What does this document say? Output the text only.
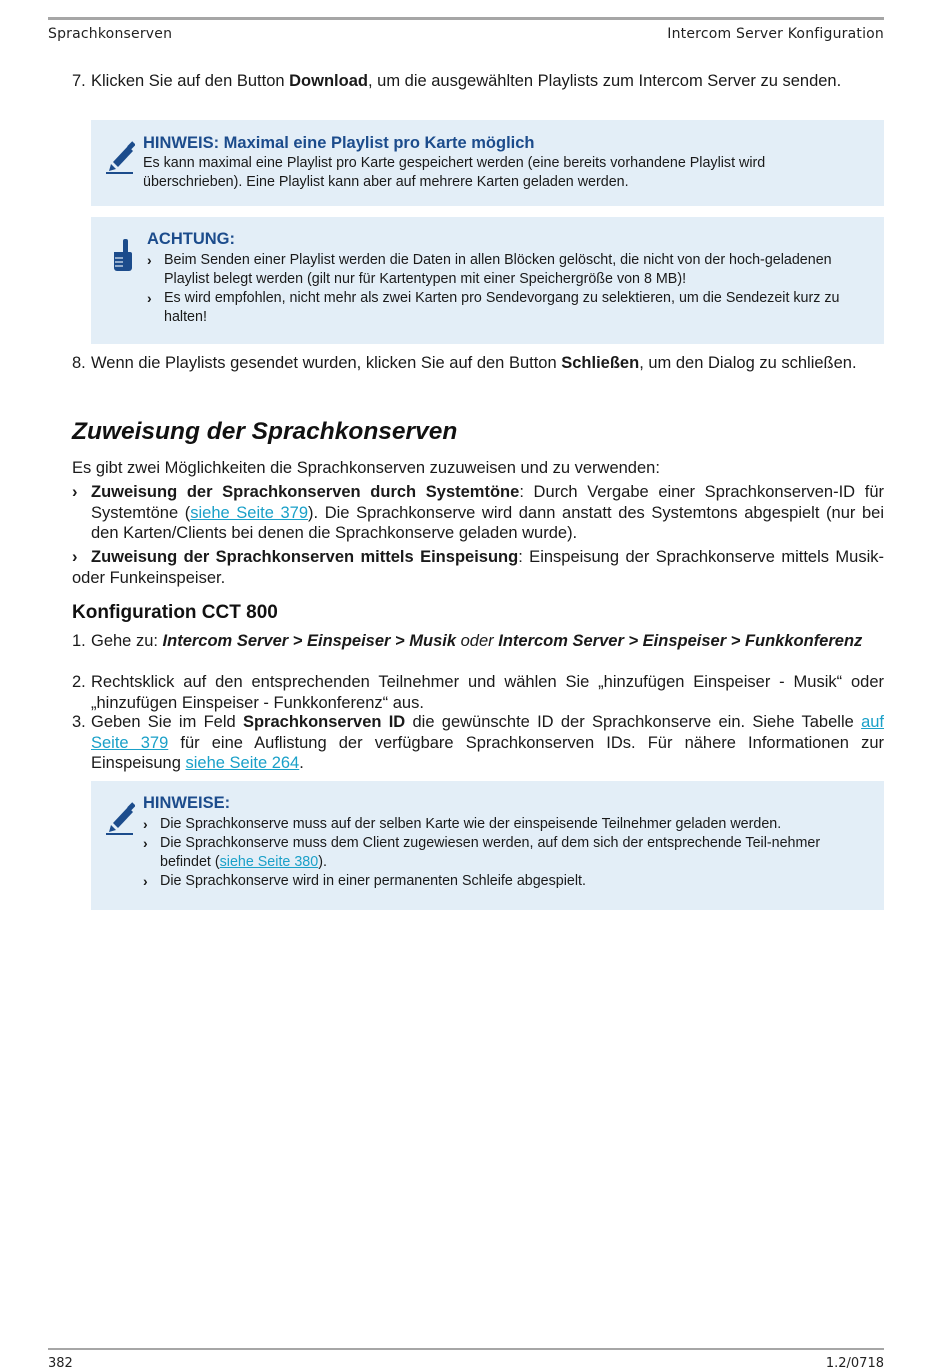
Sprachkonserven	Intercom Server Konfiguration
7. Klicken Sie auf den Button Download, um die ausgewählten Playlists zum Intercom Server zu senden.
HINWEIS: Maximal eine Playlist pro Karte möglich
Es kann maximal eine Playlist pro Karte gespeichert werden (eine bereits vorhandene Playlist wird überschrieben). Eine Playlist kann aber auf mehrere Karten geladen werden.
ACHTUNG:
› Beim Senden einer Playlist werden die Daten in allen Blöcken gelöscht, die nicht von der hoch-geladenen Playlist belegt werden (gilt nur für Kartentypen mit einer Speichergröße von 8 MB)!
› Es wird empfohlen, nicht mehr als zwei Karten pro Sendevorgang zu selektieren, um die Sendezeit kurz zu halten!
8. Wenn die Playlists gesendet wurden, klicken Sie auf den Button Schließen, um den Dialog zu schließen.
Zuweisung der Sprachkonserven
Es gibt zwei Möglichkeiten die Sprachkonserven zuzuweisen und zu verwenden:
› Zuweisung der Sprachkonserven durch Systemtöne: Durch Vergabe einer Sprachkonserven-ID für Systemtöne (siehe Seite 379). Die Sprachkonserve wird dann anstatt des Systemtons abgespielt (nur bei den Karten/Clients bei denen die Sprachkonserve geladen wurde).
› Zuweisung der Sprachkonserven mittels Einspeisung: Einspeisung der Sprachkonserve mittels Musik- oder Funkeinspeiser.
Konfiguration CCT 800
1. Gehe zu: Intercom Server > Einspeiser > Musik oder Intercom Server > Einspeiser > Funkkonferenz
2. Rechtsklick auf den entsprechenden Teilnehmer und wählen Sie „hinzufügen Einspeiser - Musik“ oder „hinzufügen Einspeiser - Funkkonferenz“ aus.
3. Geben Sie im Feld Sprachkonserven ID die gewünschte ID der Sprachkonserve ein. Siehe Tabelle auf Seite 379 für eine Auflistung der verfügbare Sprachkonserven IDs. Für nähere Informationen zur Einspeisung siehe Seite 264.
HINWEISE:
› Die Sprachkonserve muss auf der selben Karte wie der einspeisende Teilnehmer geladen werden.
› Die Sprachkonserve muss dem Client zugewiesen werden, auf dem sich der entsprechende Teil-nehmer befindet (siehe Seite 380).
› Die Sprachkonserve wird in einer permanenten Schleife abgespielt.
382	1.2/0718
